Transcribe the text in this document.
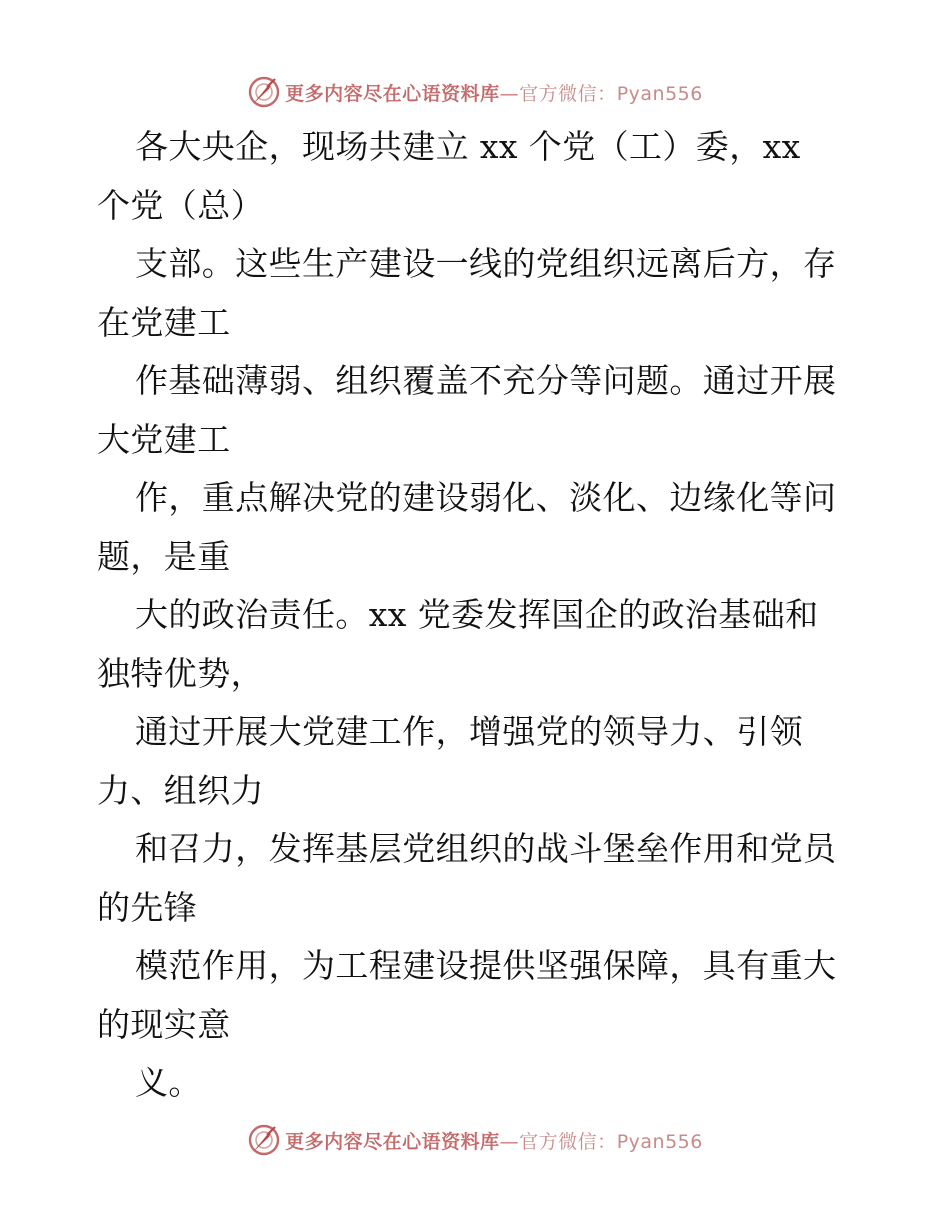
更多内容尽在心语资料库—官方微信：Pyan556
各大央企，现场共建立 xx 个党（工）委，xx
个党（总）
支部。这些生产建设一线的党组织远离后方，存
在党建工
作基础薄弱、组织覆盖不充分等问题。通过开展
大党建工
作，重点解决党的建设弱化、淡化、边缘化等问
题，是重
大的政治责任。xx 党委发挥国企的政治基础和
独特优势，
通过开展大党建工作，增强党的领导力、引领
力、组织力
和召力，发挥基层党组织的战斗堡垒作用和党员
的先锋
模范作用，为工程建设提供坚强保障，具有重大
的现实意
义。
更多内容尽在心语资料库—官方微信：Pyan556
